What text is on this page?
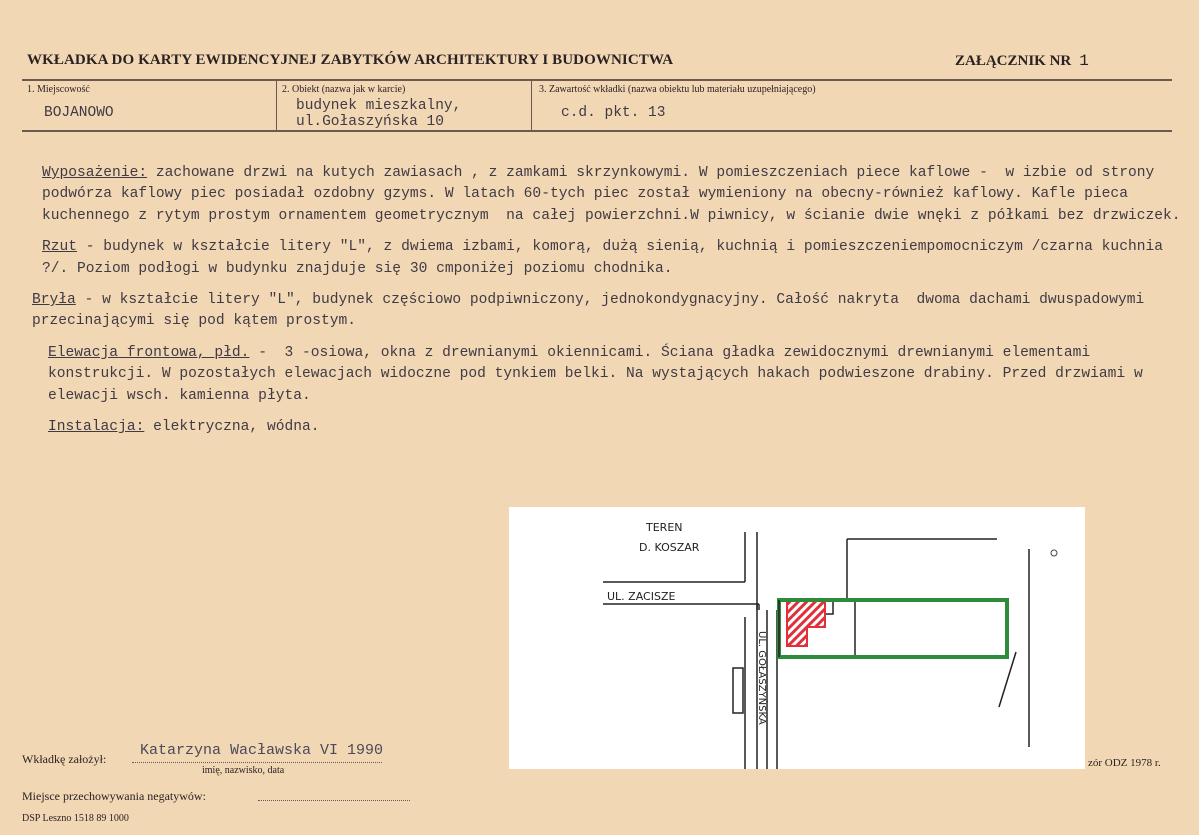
WKŁADKA DO KARTY EWIDENCYJNEJ ZABYTKÓW ARCHITEKTURY I BUDOWNICTWA	ZAŁĄCZNIK NR 1
1. Miejscowość
BOJANOWO
2. Obiekt (nazwa jak w karcie)
budynek mieszkalny,
ul.Gołaszyńska 10
3. Zawartość wkładki (nazwa obiektu lub materiału uzupełniającego)
c.d. pkt. 13

Wyposażenie: zachowane drzwi na kutych zawiasach , z zamkami skrzynkowymi. W pomieszczeniach piece kaflowe -  w izbie od strony podwórza kaflowy piec posiadał ozdobny gzyms. W latach 60-tych piec został wymieniony na obecny-również kaflowy. Kafle pieca kuchennego z rytym prostym ornamentem geometrycznym  na całej powierzchni.W piwnicy, w ścianie dwie wnęki z półkami bez drzwiczek.

Rzut - budynek w kształcie litery "L", z dwiema izbami, komorą, dużą sienią, kuchnią i pomieszczeniempomocniczym /czarna kuchnia ?/. Poziom podłogi w budynku znajduje się 30 cmponiżej poziomu chodnika.

Bryła - w kształcie litery "L", budynek częściowo podpiwniczony, jednokondygnacyjny. Całość nakryta  dwoma dachami dwuspadowymi przecinającymi się pod kątem prostym.

Elewacja frontowa, płd. -  3 -osiowa, okna z drewnianymi okiennicami. Ściana gładka zewidocznymi drewnianymi elementami konstrukcji. W pozostałych elewacjach widoczne pod tynkiem belki. Na wystających hakach podwieszone drabiny. Przed drzwiami w elewacji wsch. kamienna płyta.

Instalacja: elektryczna, wódna.

TEREN
D. KOSZAR
UL. ZACISZE
UL. GOŁASZYŃSKA
Wkładkę założył: Katarzyna Wacławska VI 1990
imię, nazwisko, data
zór ODZ 1978 r.
Miejsce przechowywania negatywów:
DSP Leszno 1518 89 1000
